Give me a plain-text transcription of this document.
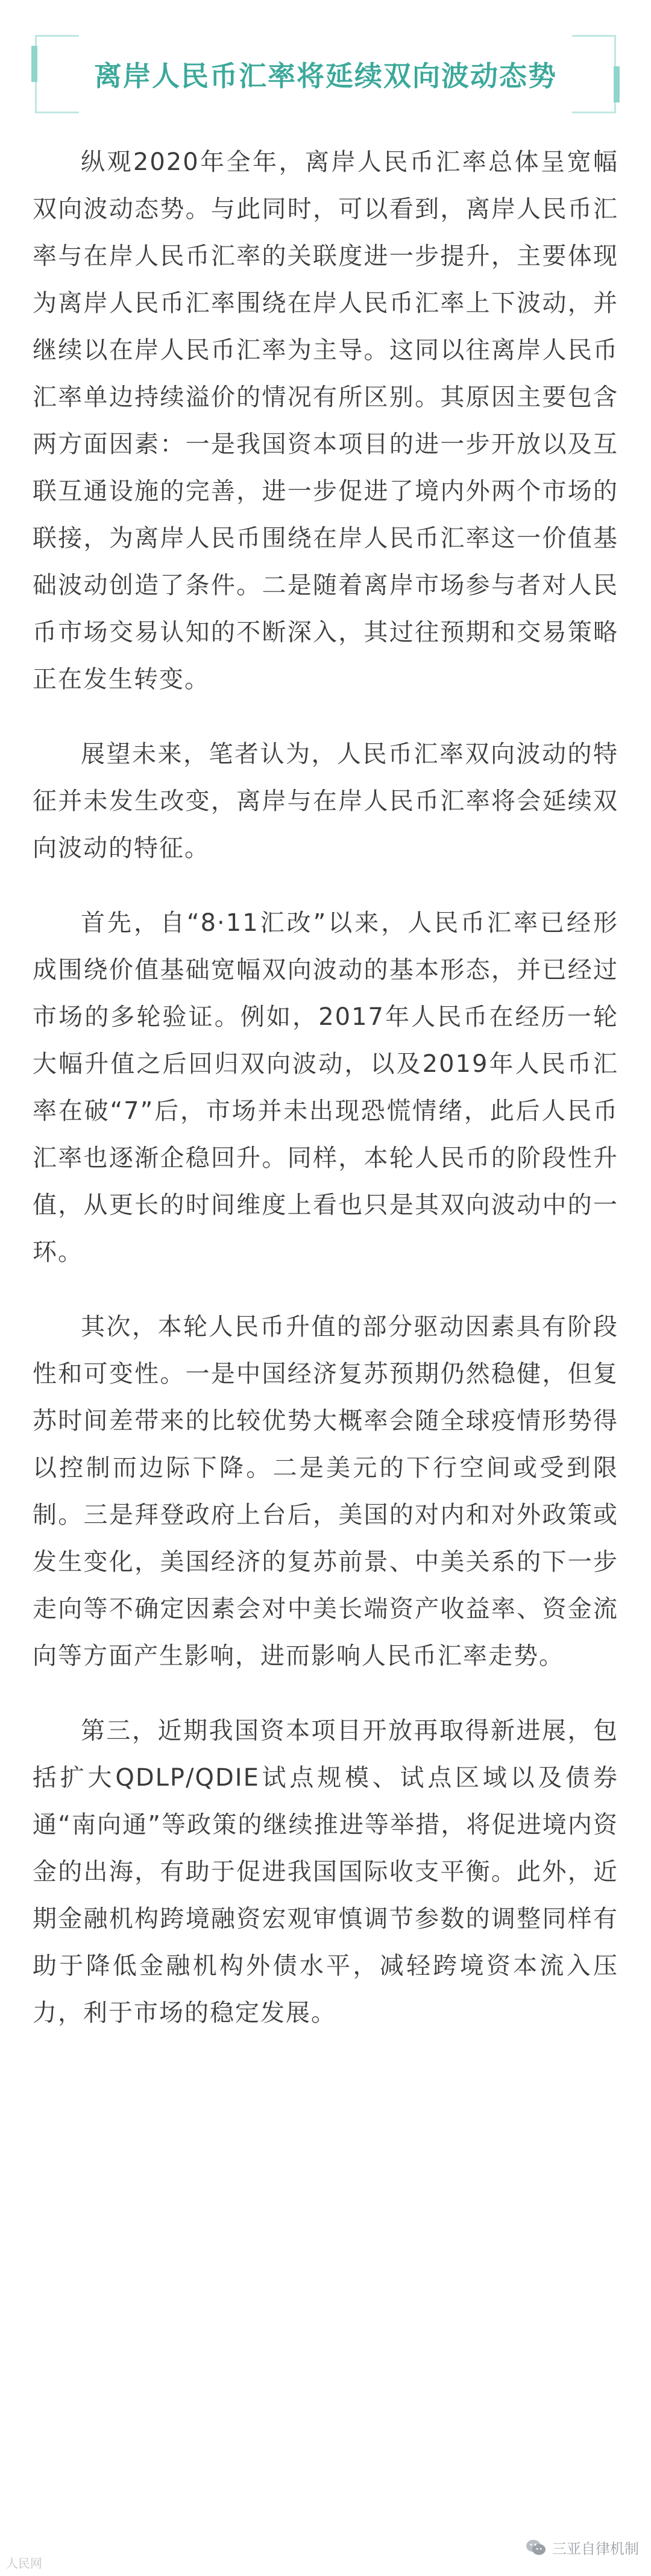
离岸人民币汇率将延续双向波动态势

纵观2020年全年，离岸人民币汇率总体呈宽幅双向波动态势。与此同时，可以看到，离岸人民币汇率与在岸人民币汇率的关联度进一步提升，主要体现为离岸人民币汇率围绕在岸人民币汇率上下波动，并继续以在岸人民币汇率为主导。这同以往离岸人民币汇率单边持续溢价的情况有所区别。其原因主要包含两方面因素：一是我国资本项目的进一步开放以及互联互通设施的完善，进一步促进了境内外两个市场的联接，为离岸人民币围绕在岸人民币汇率这一价值基础波动创造了条件。二是随着离岸市场参与者对人民币市场交易认知的不断深入，其过往预期和交易策略正在发生转变。

展望未来，笔者认为，人民币汇率双向波动的特征并未发生改变，离岸与在岸人民币汇率将会延续双向波动的特征。

首先，自“8·11汇改”以来，人民币汇率已经形成围绕价值基础宽幅双向波动的基本形态，并已经过市场的多轮验证。例如，2017年人民币在经历一轮大幅升值之后回归双向波动，以及2019年人民币汇率在破“7”后，市场并未出现恐慌情绪，此后人民币汇率也逐渐企稳回升。同样，本轮人民币的阶段性升值，从更长的时间维度上看也只是其双向波动中的一环。

其次，本轮人民币升值的部分驱动因素具有阶段性和可变性。一是中国经济复苏预期仍然稳健，但复苏时间差带来的比较优势大概率会随全球疫情形势得以控制而边际下降。二是美元的下行空间或受到限制。三是拜登政府上台后，美国的对内和对外政策或发生变化，美国经济的复苏前景、中美关系的下一步走向等不确定因素会对中美长端资产收益率、资金流向等方面产生影响，进而影响人民币汇率走势。

第三，近期我国资本项目开放再取得新进展，包括扩大QDLP/QDIE试点规模、试点区域以及债券通“南向通”等政策的继续推进等举措，将促进境内资金的出海，有助于促进我国国际收支平衡。此外，近期金融机构跨境融资宏观审慎调节参数的调整同样有助于降低金融机构外债水平，减轻跨境资本流入压力，利于市场的稳定发展。

人民网
三亚自律机制
